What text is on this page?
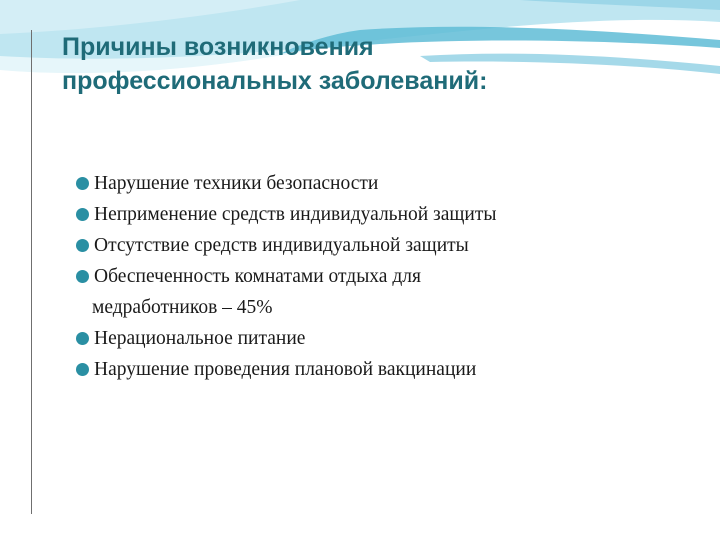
Причины возникновения
профессиональных заболеваний:
Нарушение техники безопасности
Неприменение средств индивидуальной защиты
Отсутствие средств индивидуальной защиты
Обеспеченность комнатами отдыха для
медработников – 45%
Нерациональное питание
Нарушение проведения плановой вакцинации
